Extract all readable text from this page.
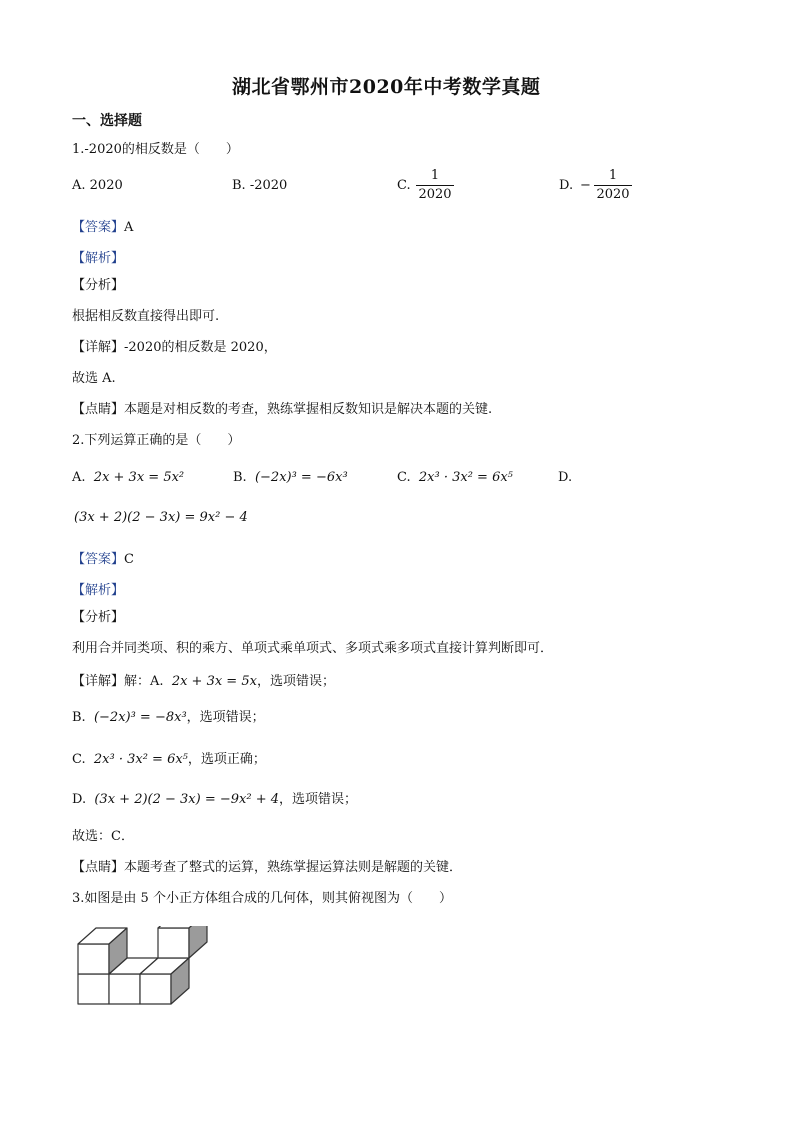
湖北省鄂州市2020年中考数学真题
一、选择题
1.-2020的相反数是（　　）
A. 2020	B. -2020	C.
1
2020
D. −
1
2020
【答案】A
【解析】
【分析】
根据相反数直接得出即可.
【详解】-2020的相反数是 2020，
故选 A.
【点睛】本题是对相反数的考查，熟练掌握相反数知识是解决本题的关键.
2.下列运算正确的是（　　）
A. 2x + 3x = 5x²	B. (−2x)³ = −6x³	C. 2x³ · 3x² = 6x⁵	D.
(3x + 2)(2 − 3x) = 9x² − 4
【答案】C
【解析】
【分析】
利用合并同类项、积的乘方、单项式乘单项式、多项式乘多项式直接计算判断即可．
【详解】解：A. 2x + 3x = 5x，选项错误；
B. (−2x)³ = −8x³，选项错误；
C. 2x³ · 3x² = 6x⁵，选项正确；
D. (3x + 2)(2 − 3x) = −9x² + 4，选项错误；
故选：C．
【点睛】本题考查了整式的运算，熟练掌握运算法则是解题的关键．
3.如图是由 5 个小正方体组合成的几何体，则其俯视图为（　　）
